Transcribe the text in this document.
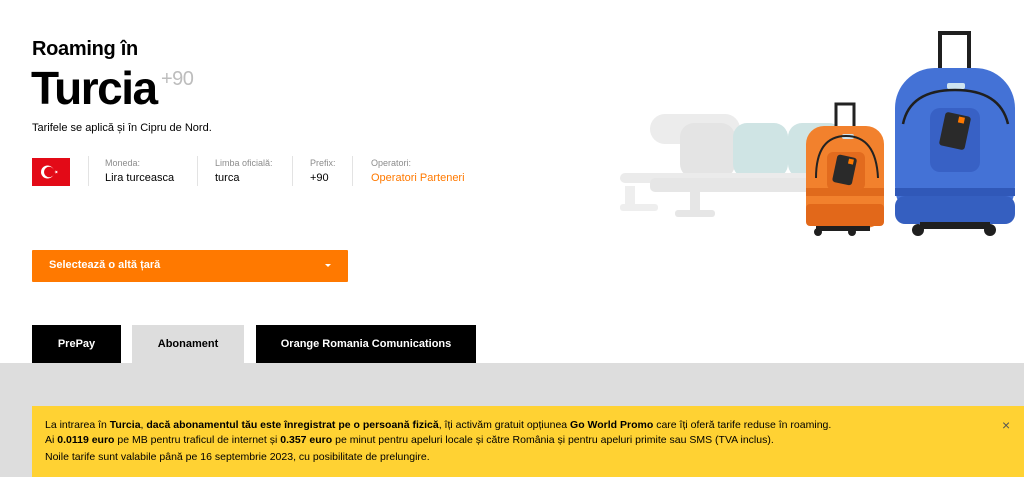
Roaming în
Turcia +90
Tarifele se aplică și în Cipru de Nord.
Moneda:
Lira turceasca
Limba oficială:
turca
Prefix:
+90
Operatori:
Operatori Parteneri
Selectează o altă țară
PrePay	Abonament	Orange Romania Comunications

La intrarea în Turcia, dacă abonamentul tău este înregistrat pe o persoană fizică, îți activăm gratuit opțiunea Go World Promo care îți oferă tarife reduse în roaming.

Ai 0.0119 euro pe MB pentru traficul de internet și 0.357 euro pe minut pentru apeluri locale și către România și pentru apeluri primite sau SMS (TVA inclus).

Noile tarife sunt valabile până pe 16 septembrie 2023, cu posibilitate de prelungire.

×
